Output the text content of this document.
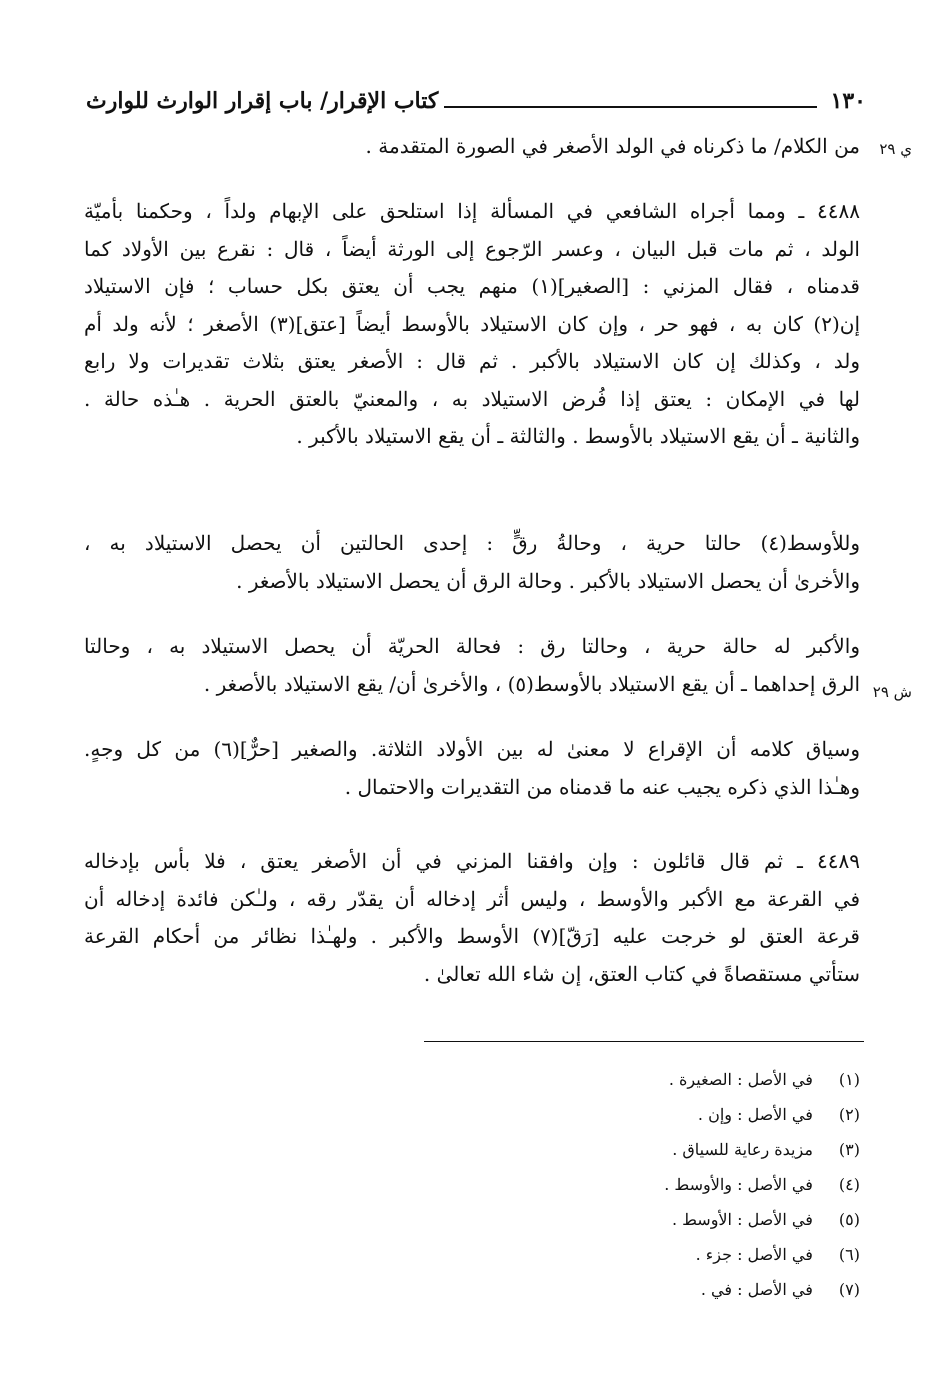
١٣٠
كتاب الإقرار/ باب إقرار الوارث للوارث
ي ٢٩
من الكلام/ ما ذكرناه في الولد الأصغر في الصورة المتقدمة .
٤٤٨٨ ـ ومما أجراه الشافعي في المسألة إذا استلحق على الإبهام ولداً ، وحكمنا بأميّة
الولد ، ثم مات قبل البيان ، وعسر الرّجوع إلى الورثة أيضاً ، قال : نقرع بين الأولاد كما
قدمناه ، فقال المزني : [الصغير](١) منهم يجب أن يعتق بكل حساب ؛ فإن الاستيلاد
إن(٢) كان به ، فهو حر ، وإن كان الاستيلاد بالأوسط أيضاً [عتق](٣) الأصغر ؛ لأنه ولد أم
ولد ، وكذلك إن كان الاستيلاد بالأكبر . ثم قال : الأصغر يعتق بثلاث تقديرات ولا رابع
لها في الإمكان : يعتق إذا فُرض الاستيلاد به ، والمعنيّ بالعتق الحرية . هـٰذه حالة .
والثانية ـ أن يقع الاستيلاد بالأوسط . والثالثة ـ أن يقع الاستيلاد بالأكبر .
وللأوسط(٤) حالتا حرية ، وحالةُ رقٍّ : إحدى الحالتين أن يحصل الاستيلاد به ،
والأخرىٰ أن يحصل الاستيلاد بالأكبر . وحالة الرق أن يحصل الاستيلاد بالأصغر .
ش ٢٩
والأكبر له حالة حرية ، وحالتا رق : فحالة الحريّة أن يحصل الاستيلاد به ، وحالتا
الرق إحداهما ـ أن يقع الاستيلاد بالأوسط(٥) ، والأخرىٰ أن/ يقع الاستيلاد بالأصغر .
وسياق كلامه أن الإقراع لا معنىٰ له بين الأولاد الثلاثة. والصغير [حرٌّ](٦) من كل وجهٍ.
وهـٰذا الذي ذكره يجيب عنه ما قدمناه من التقديرات والاحتمال .
٤٤٨٩ ـ ثم قال قائلون : وإن وافقنا المزني في أن الأصغر يعتق ، فلا بأس بإدخاله
في القرعة مع الأكبر والأوسط ، وليس أثر إدخاله أن يقدّر رقه ، ولـٰكن فائدة إدخاله أن
قرعة العتق لو خرجت عليه [رَقّ](٧) الأوسط والأكبر . ولهـٰذا نظائر من أحكام القرعة
ستأتي مستقصاةً في كتاب العتق، إن شاء الله تعالىٰ .
(١) في الأصل : الصغيرة .
(٢) في الأصل : وإن .
(٣) مزيدة رعاية للسياق .
(٤) في الأصل : والأوسط .
(٥) في الأصل : الأوسط .
(٦) في الأصل : جزء .
(٧) في الأصل : في .
